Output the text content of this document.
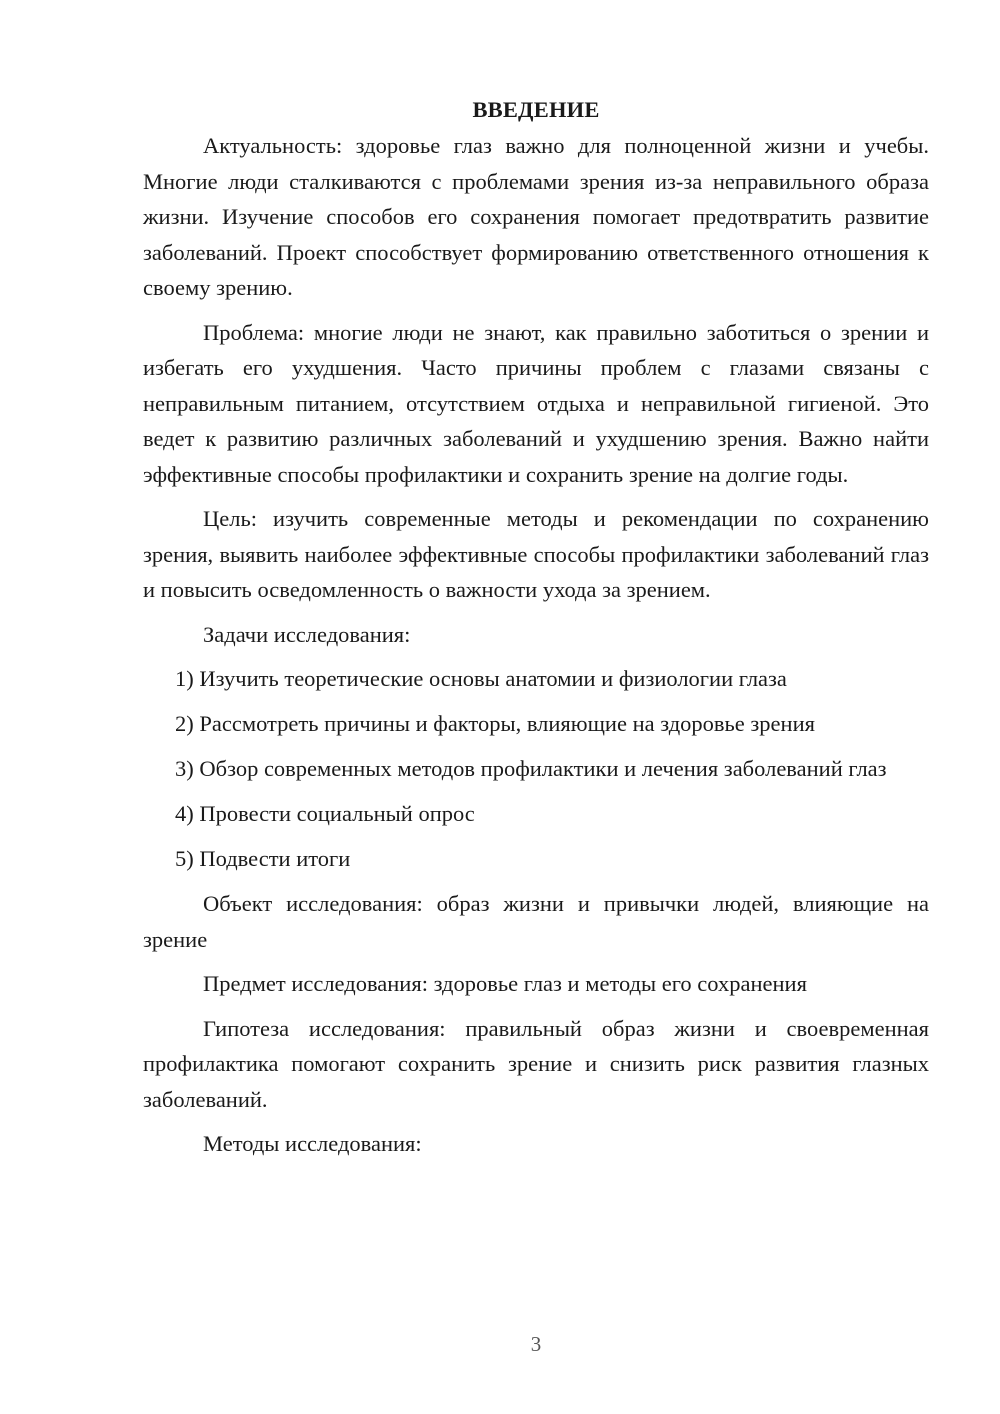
ВВЕДЕНИЕ

Актуальность: здоровье глаз важно для полноценной жизни и учебы. Многие люди сталкиваются с проблемами зрения из-за неправильного образа жизни. Изучение способов его сохранения помогает предотвратить развитие заболеваний. Проект способствует формированию ответственного отношения к своему зрению.

Проблема: многие люди не знают, как правильно заботиться о зрении и избегать его ухудшения. Часто причины проблем с глазами связаны с неправильным питанием, отсутствием отдыха и неправильной гигиеной. Это ведет к развитию различных заболеваний и ухудшению зрения. Важно найти эффективные способы профилактики и сохранить зрение на долгие годы.

Цель: изучить современные методы и рекомендации по сохранению зрения, выявить наиболее эффективные способы профилактики заболеваний глаз и повысить осведомленность о важности ухода за зрением.

Задачи исследования:

1) Изучить теоретические основы анатомии и физиологии глаза
2) Рассмотреть причины и факторы, влияющие на здоровье зрения
3) Обзор современных методов профилактики и лечения заболеваний глаз
4) Провести социальный опрос
5) Подвести итоги

Объект исследования: образ жизни и привычки людей, влияющие на зрение

Предмет исследования: здоровье глаз и методы его сохранения

Гипотеза исследования: правильный образ жизни и своевременная профилактика помогают сохранить зрение и снизить риск развития глазных заболеваний.

Методы исследования:

3
